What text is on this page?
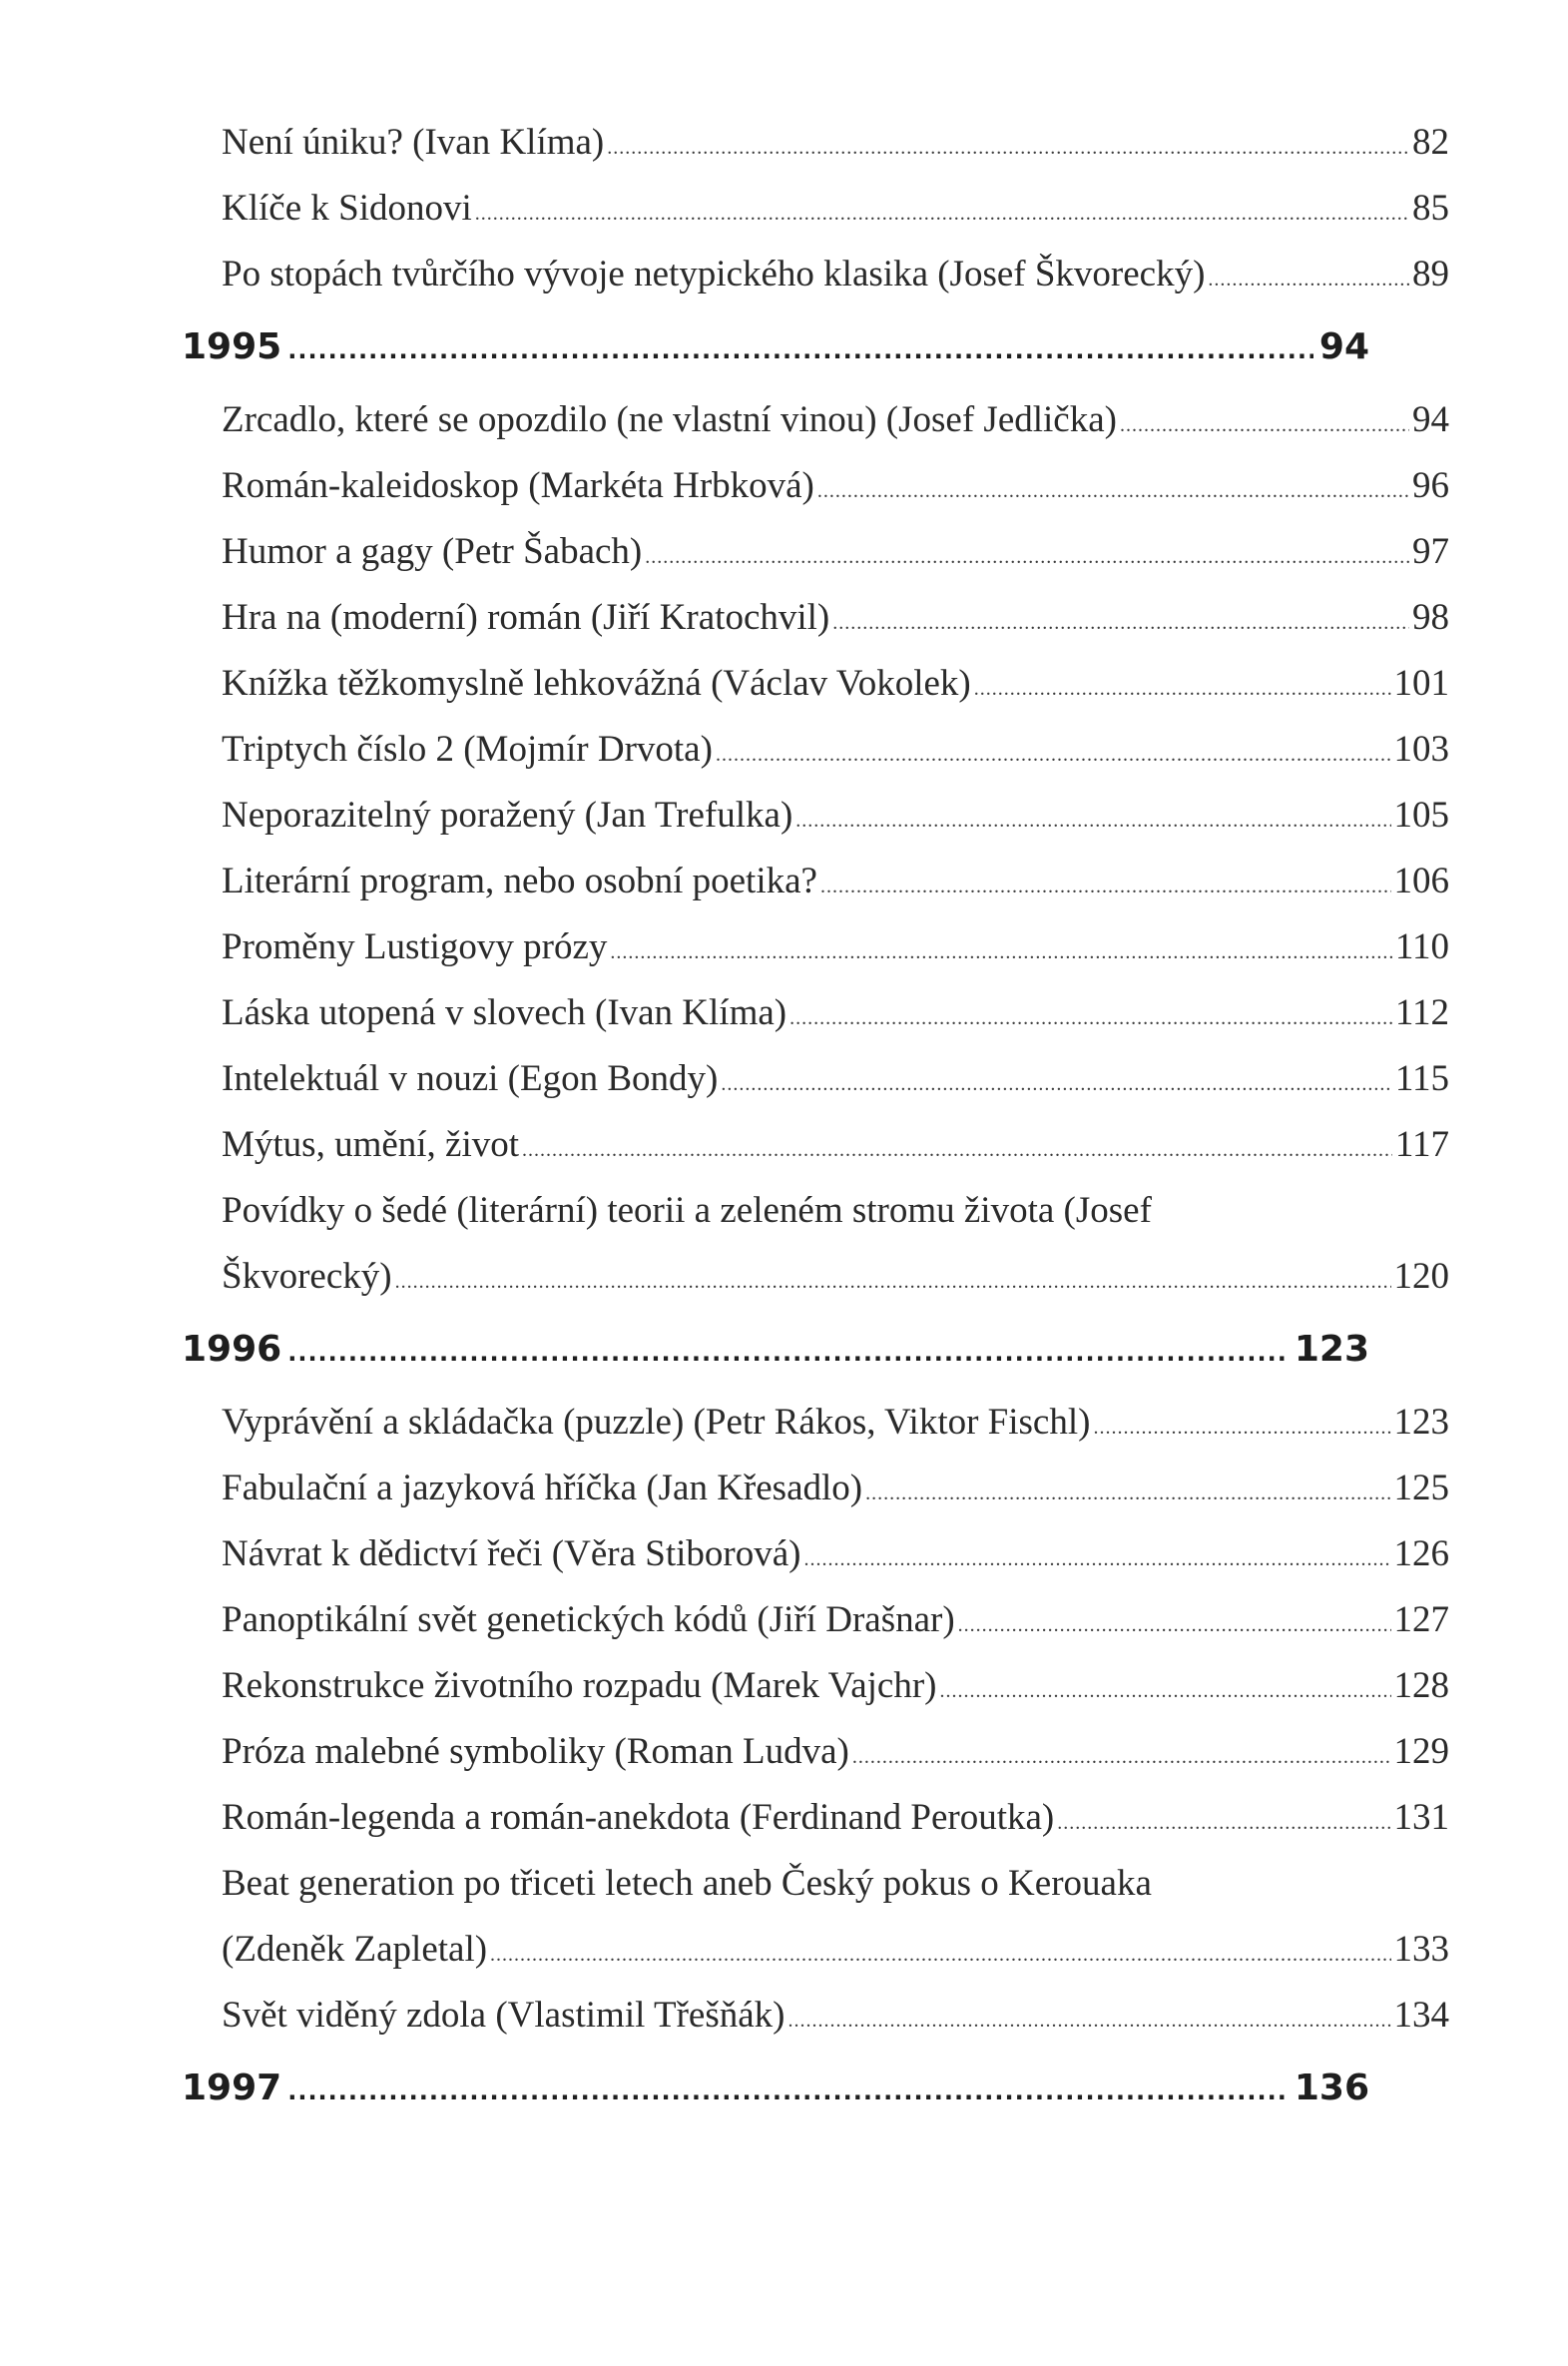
Není úniku? (Ivan Klíma) .....	82
Klíče k Sidonovi .....	85
Po stopách tvůrčího vývoje netypického klasika (Josef Škvorecký) .....	89
1995 .....	94
Zrcadlo, které se opozdilo (ne vlastní vinou) (Josef Jedlička) .....	94
Román-kaleidoskop (Markéta Hrbková) .....	96
Humor a gagy (Petr Šabach) .....	97
Hra na (moderní) román (Jiří Kratochvil) .....	98
Knížka těžkomyslně lehkovážná (Václav Vokolek) .....	101
Triptych číslo 2 (Mojmír Drvota) .....	103
Neporazitelný poražený (Jan Trefulka) .....	105
Literární program, nebo osobní poetika? .....	106
Proměny Lustigovy prózy .....	110
Láska utopená v slovech (Ivan Klíma) .....	112
Intelektuál v nouzi (Egon Bondy) .....	115
Mýtus, umění, život .....	117
Povídky o šedé (literární) teorii a zeleném stromu života (Josef
Škvorecký) .....	120
1996 .....	123
Vyprávění a skládačka (puzzle) (Petr Rákos, Viktor Fischl) .....	123
Fabulační a jazyková hříčka (Jan Křesadlo) .....	125
Návrat k dědictví řeči (Věra Stiborová) .....	126
Panoptikální svět genetických kódů (Jiří Drašnar) .....	127
Rekonstrukce životního rozpadu (Marek Vajchr) .....	128
Próza malebné symboliky (Roman Ludva) .....	129
Román-legenda a román-anekdota (Ferdinand Peroutka) .....	131
Beat generation po třiceti letech aneb Český pokus o Kerouaka
(Zdeněk Zapletal) .....	133
Svět viděný zdola (Vlastimil Třešňák) .....	134
1997 .....	136
